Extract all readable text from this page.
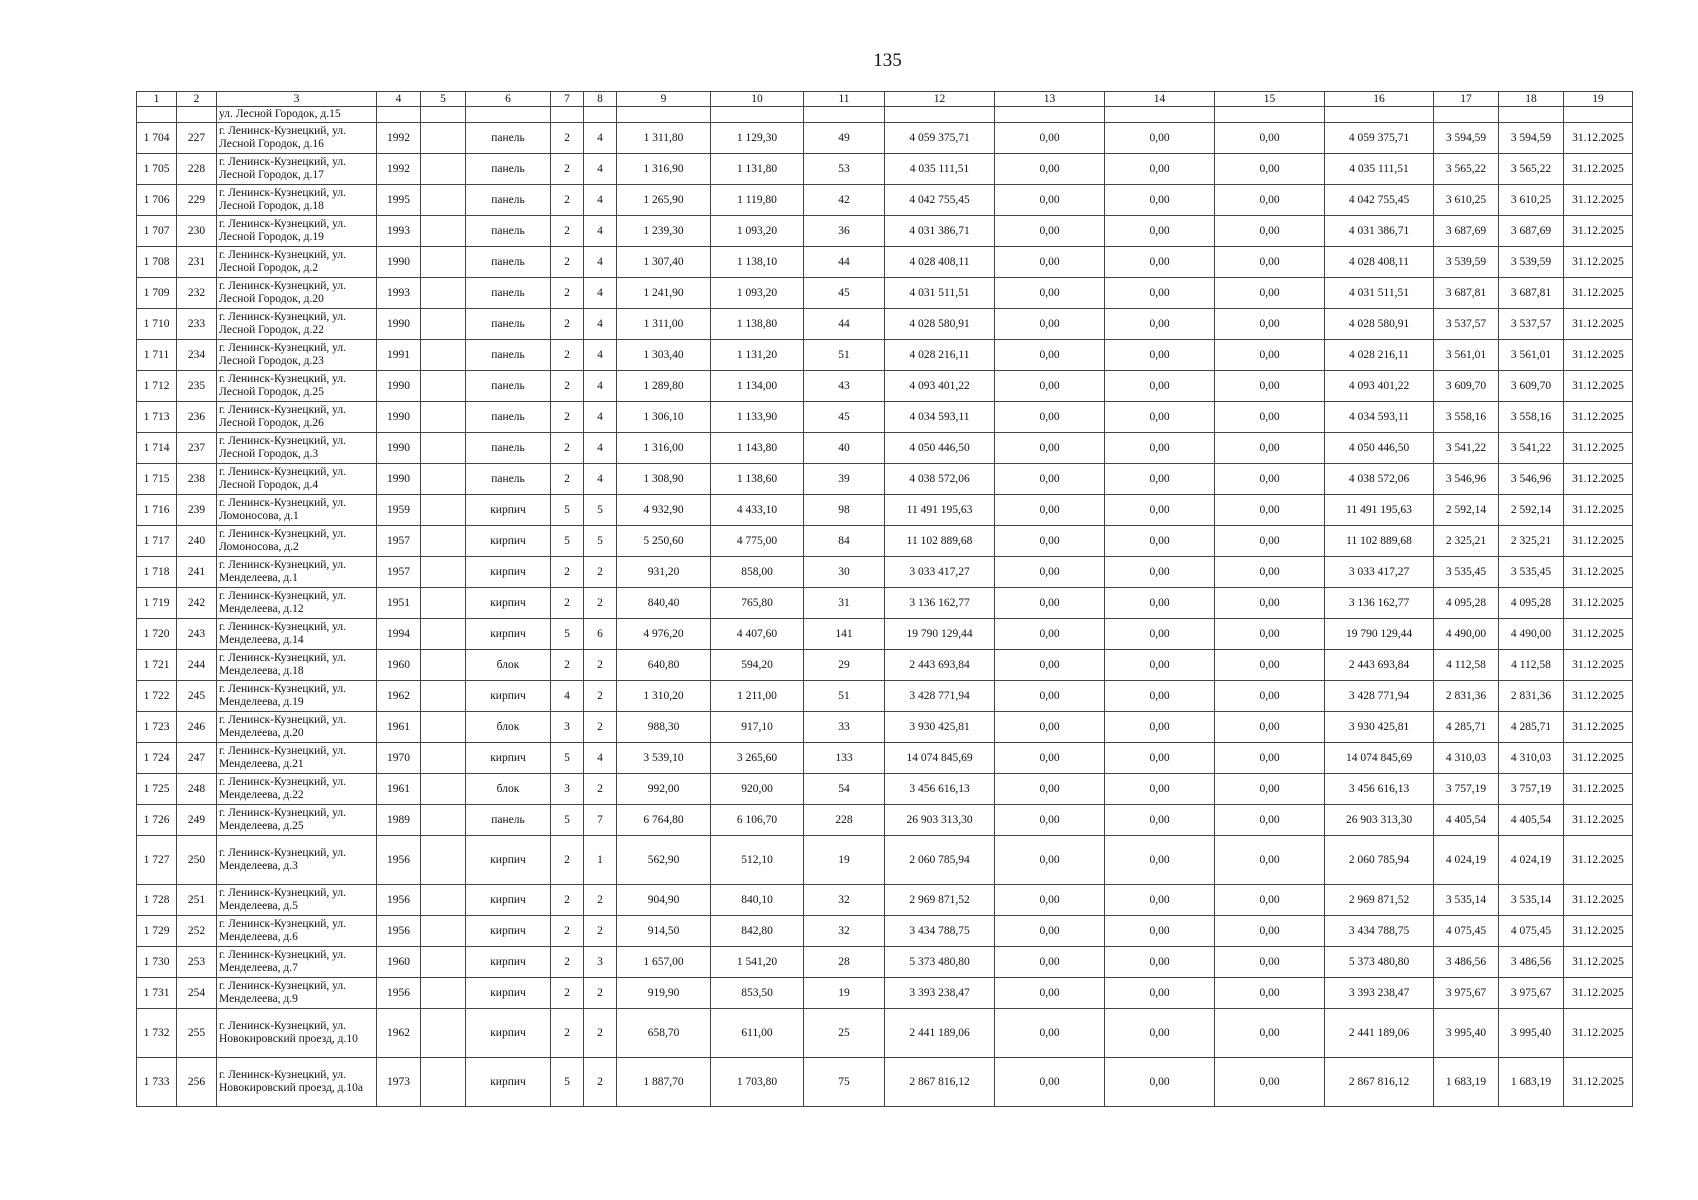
135
1	2	3	4	5	6	7	8	9	10	11	12	13	14	15	16	17	18	19
		ул. Лесной Городок, д.15																
1 704	227	г. Ленинск-Кузнецкий, ул. Лесной Городок, д.16	1992		панель	2	4	1 311,80	1 129,30	49	4 059 375,71	0,00	0,00	0,00	4 059 375,71	3 594,59	3 594,59	31.12.2025
1 705	228	г. Ленинск-Кузнецкий, ул. Лесной Городок, д.17	1992		панель	2	4	1 316,90	1 131,80	53	4 035 111,51	0,00	0,00	0,00	4 035 111,51	3 565,22	3 565,22	31.12.2025
1 706	229	г. Ленинск-Кузнецкий, ул. Лесной Городок, д.18	1995		панель	2	4	1 265,90	1 119,80	42	4 042 755,45	0,00	0,00	0,00	4 042 755,45	3 610,25	3 610,25	31.12.2025
1 707	230	г. Ленинск-Кузнецкий, ул. Лесной Городок, д.19	1993		панель	2	4	1 239,30	1 093,20	36	4 031 386,71	0,00	0,00	0,00	4 031 386,71	3 687,69	3 687,69	31.12.2025
1 708	231	г. Ленинск-Кузнецкий, ул. Лесной Городок, д.2	1990		панель	2	4	1 307,40	1 138,10	44	4 028 408,11	0,00	0,00	0,00	4 028 408,11	3 539,59	3 539,59	31.12.2025
1 709	232	г. Ленинск-Кузнецкий, ул. Лесной Городок, д.20	1993		панель	2	4	1 241,90	1 093,20	45	4 031 511,51	0,00	0,00	0,00	4 031 511,51	3 687,81	3 687,81	31.12.2025
1 710	233	г. Ленинск-Кузнецкий, ул. Лесной Городок, д.22	1990		панель	2	4	1 311,00	1 138,80	44	4 028 580,91	0,00	0,00	0,00	4 028 580,91	3 537,57	3 537,57	31.12.2025
1 711	234	г. Ленинск-Кузнецкий, ул. Лесной Городок, д.23	1991		панель	2	4	1 303,40	1 131,20	51	4 028 216,11	0,00	0,00	0,00	4 028 216,11	3 561,01	3 561,01	31.12.2025
1 712	235	г. Ленинск-Кузнецкий, ул. Лесной Городок, д.25	1990		панель	2	4	1 289,80	1 134,00	43	4 093 401,22	0,00	0,00	0,00	4 093 401,22	3 609,70	3 609,70	31.12.2025
1 713	236	г. Ленинск-Кузнецкий, ул. Лесной Городок, д.26	1990		панель	2	4	1 306,10	1 133,90	45	4 034 593,11	0,00	0,00	0,00	4 034 593,11	3 558,16	3 558,16	31.12.2025
1 714	237	г. Ленинск-Кузнецкий, ул. Лесной Городок, д.3	1990		панель	2	4	1 316,00	1 143,80	40	4 050 446,50	0,00	0,00	0,00	4 050 446,50	3 541,22	3 541,22	31.12.2025
1 715	238	г. Ленинск-Кузнецкий, ул. Лесной Городок, д.4	1990		панель	2	4	1 308,90	1 138,60	39	4 038 572,06	0,00	0,00	0,00	4 038 572,06	3 546,96	3 546,96	31.12.2025
1 716	239	г. Ленинск-Кузнецкий, ул. Ломоносова, д.1	1959		кирпич	5	5	4 932,90	4 433,10	98	11 491 195,63	0,00	0,00	0,00	11 491 195,63	2 592,14	2 592,14	31.12.2025
1 717	240	г. Ленинск-Кузнецкий, ул. Ломоносова, д.2	1957		кирпич	5	5	5 250,60	4 775,00	84	11 102 889,68	0,00	0,00	0,00	11 102 889,68	2 325,21	2 325,21	31.12.2025
1 718	241	г. Ленинск-Кузнецкий, ул. Менделеева, д.1	1957		кирпич	2	2	931,20	858,00	30	3 033 417,27	0,00	0,00	0,00	3 033 417,27	3 535,45	3 535,45	31.12.2025
1 719	242	г. Ленинск-Кузнецкий, ул. Менделеева, д.12	1951		кирпич	2	2	840,40	765,80	31	3 136 162,77	0,00	0,00	0,00	3 136 162,77	4 095,28	4 095,28	31.12.2025
1 720	243	г. Ленинск-Кузнецкий, ул. Менделеева, д.14	1994		кирпич	5	6	4 976,20	4 407,60	141	19 790 129,44	0,00	0,00	0,00	19 790 129,44	4 490,00	4 490,00	31.12.2025
1 721	244	г. Ленинск-Кузнецкий, ул. Менделеева, д.18	1960		блок	2	2	640,80	594,20	29	2 443 693,84	0,00	0,00	0,00	2 443 693,84	4 112,58	4 112,58	31.12.2025
1 722	245	г. Ленинск-Кузнецкий, ул. Менделеева, д.19	1962		кирпич	4	2	1 310,20	1 211,00	51	3 428 771,94	0,00	0,00	0,00	3 428 771,94	2 831,36	2 831,36	31.12.2025
1 723	246	г. Ленинск-Кузнецкий, ул. Менделеева, д.20	1961		блок	3	2	988,30	917,10	33	3 930 425,81	0,00	0,00	0,00	3 930 425,81	4 285,71	4 285,71	31.12.2025
1 724	247	г. Ленинск-Кузнецкий, ул. Менделеева, д.21	1970		кирпич	5	4	3 539,10	3 265,60	133	14 074 845,69	0,00	0,00	0,00	14 074 845,69	4 310,03	4 310,03	31.12.2025
1 725	248	г. Ленинск-Кузнецкий, ул. Менделеева, д.22	1961		блок	3	2	992,00	920,00	54	3 456 616,13	0,00	0,00	0,00	3 456 616,13	3 757,19	3 757,19	31.12.2025
1 726	249	г. Ленинск-Кузнецкий, ул. Менделеева, д.25	1989		панель	5	7	6 764,80	6 106,70	228	26 903 313,30	0,00	0,00	0,00	26 903 313,30	4 405,54	4 405,54	31.12.2025
1 727	250	г. Ленинск-Кузнецкий, ул. Менделеева, д.3	1956		кирпич	2	1	562,90	512,10	19	2 060 785,94	0,00	0,00	0,00	2 060 785,94	4 024,19	4 024,19	31.12.2025
1 728	251	г. Ленинск-Кузнецкий, ул. Менделеева, д.5	1956		кирпич	2	2	904,90	840,10	32	2 969 871,52	0,00	0,00	0,00	2 969 871,52	3 535,14	3 535,14	31.12.2025
1 729	252	г. Ленинск-Кузнецкий, ул. Менделеева, д.6	1956		кирпич	2	2	914,50	842,80	32	3 434 788,75	0,00	0,00	0,00	3 434 788,75	4 075,45	4 075,45	31.12.2025
1 730	253	г. Ленинск-Кузнецкий, ул. Менделеева, д.7	1960		кирпич	2	3	1 657,00	1 541,20	28	5 373 480,80	0,00	0,00	0,00	5 373 480,80	3 486,56	3 486,56	31.12.2025
1 731	254	г. Ленинск-Кузнецкий, ул. Менделеева, д.9	1956		кирпич	2	2	919,90	853,50	19	3 393 238,47	0,00	0,00	0,00	3 393 238,47	3 975,67	3 975,67	31.12.2025
1 732	255	г. Ленинск-Кузнецкий, ул. Новокировский проезд, д.10	1962		кирпич	2	2	658,70	611,00	25	2 441 189,06	0,00	0,00	0,00	2 441 189,06	3 995,40	3 995,40	31.12.2025
1 733	256	г. Ленинск-Кузнецкий, ул. Новокировский проезд, д.10а	1973		кирпич	5	2	1 887,70	1 703,80	75	2 867 816,12	0,00	0,00	0,00	2 867 816,12	1 683,19	1 683,19	31.12.2025
